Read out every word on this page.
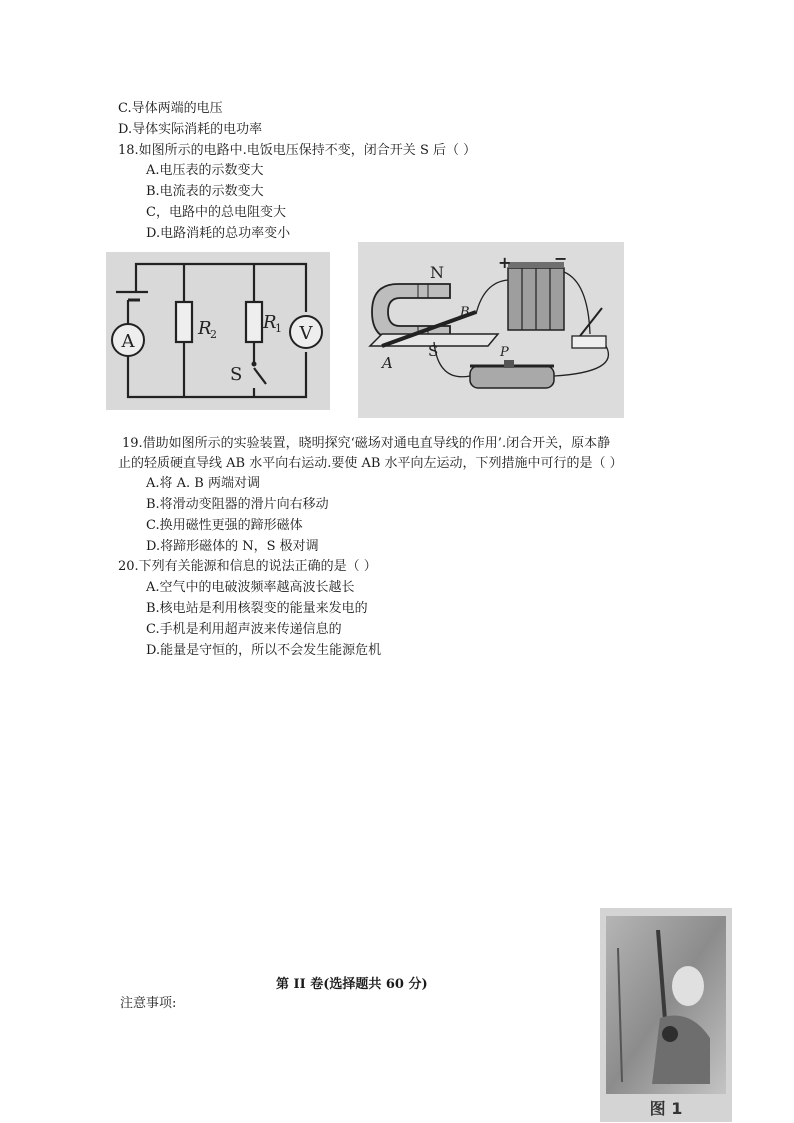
C.导体两端的电压
D.导体实际消耗的电功率
18.如图所示的电路中.电饭电压保持不变，闭合开关 S 后（ ）
A.电压表的示数变大
B.电流表的示数变大
C，电路中的总电阻变大
D.电路消耗的总功率变小
A	V
R
2
R
1
S
N
+	−
B
A
S	P
19.借助如图所示的实验装置，晓明探究‘磁场对通电直导线的作用’.闭合开关，原本静
止的轻质硬直导线 AB 水平向右运动.要使 AB 水平向左运动，下列措施中可行的是（ ）
A.将 A. B 两端对调
B.将滑动变阻器的滑片向右移动
C.换用磁性更强的蹄形磁体
D.将蹄形磁体的 N，S 极对调
20.下列有关能源和信息的说法正确的是（ ）
A.空气中的电破波频率越高波长越长
B.核电站是利用核裂变的能量来发电的
C.手机是利用超声波来传递信息的
D.能量是守恒的，所以不会发生能源危机
第 II 卷(选择题共 60 分)
注意事项:
图 1
